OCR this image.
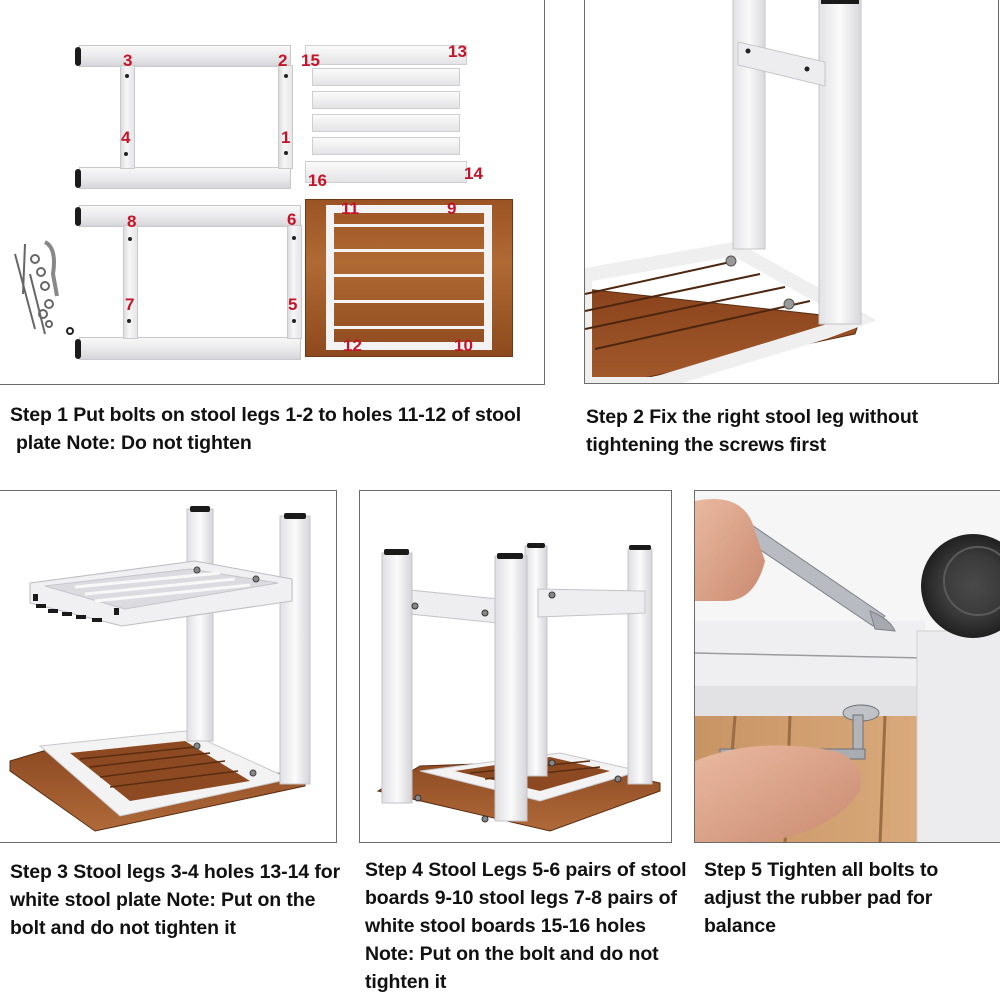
3	2
4	1
15	13
16	14
8	6
7	5
11	9
12	10
Step 1 Put bolts on stool legs 1-2 to holes 11-12 of stool
plate Note: Do not tighten
Step 2 Fix the right stool leg without tightening the screws first
Step 3 Stool legs 3-4 holes 13-14 for white stool plate Note: Put on the bolt and do not tighten it
Step 4 Stool Legs 5-6 pairs of stool boards 9-10 stool legs 7-8 pairs of white stool boards 15-16 holes Note: Put on the bolt and do not tighten it
Step 5 Tighten all bolts to adjust the rubber pad for balance
